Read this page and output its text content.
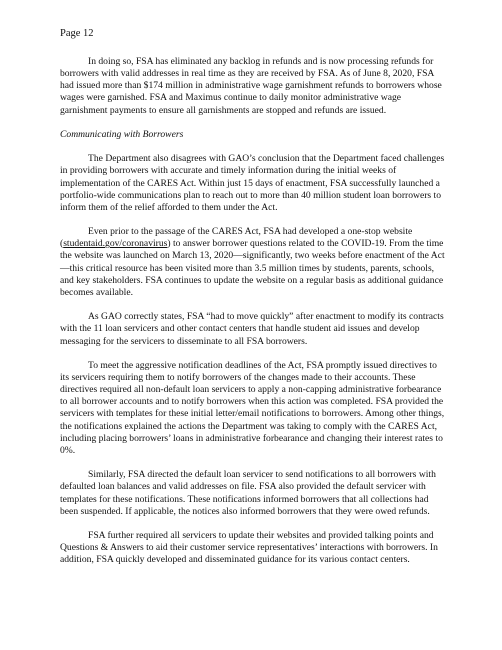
Page 12

In doing so, FSA has eliminated any backlog in refunds and is now processing refunds for borrowers with valid addresses in real time as they are received by FSA. As of June 8, 2020, FSA had issued more than $174 million in administrative wage garnishment refunds to borrowers whose wages were garnished. FSA and Maximus continue to daily monitor administrative wage garnishment payments to ensure all garnishments are stopped and refunds are issued.

Communicating with Borrowers

The Department also disagrees with GAO’s conclusion that the Department faced challenges in providing borrowers with accurate and timely information during the initial weeks of implementation of the CARES Act. Within just 15 days of enactment, FSA successfully launched a portfolio-wide communications plan to reach out to more than 40 million student loan borrowers to inform them of the relief afforded to them under the Act.

Even prior to the passage of the CARES Act, FSA had developed a one-stop website (studentaid.gov/coronavirus) to answer borrower questions related to the COVID-19. From the time the website was launched on March 13, 2020—significantly, two weeks before enactment of the Act—this critical resource has been visited more than 3.5 million times by students, parents, schools, and key stakeholders. FSA continues to update the website on a regular basis as additional guidance becomes available.

As GAO correctly states, FSA “had to move quickly” after enactment to modify its contracts with the 11 loan servicers and other contact centers that handle student aid issues and develop messaging for the servicers to disseminate to all FSA borrowers.

To meet the aggressive notification deadlines of the Act, FSA promptly issued directives to its servicers requiring them to notify borrowers of the changes made to their accounts. These directives required all non-default loan servicers to apply a non-capping administrative forbearance to all borrower accounts and to notify borrowers when this action was completed. FSA provided the servicers with templates for these initial letter/email notifications to borrowers. Among other things, the notifications explained the actions the Department was taking to comply with the CARES Act, including placing borrowers’ loans in administrative forbearance and changing their interest rates to 0%.

Similarly, FSA directed the default loan servicer to send notifications to all borrowers with defaulted loan balances and valid addresses on file. FSA also provided the default servicer with templates for these notifications. These notifications informed borrowers that all collections had been suspended. If applicable, the notices also informed borrowers that they were owed refunds.

FSA further required all servicers to update their websites and provided talking points and Questions & Answers to aid their customer service representatives’ interactions with borrowers. In addition, FSA quickly developed and disseminated guidance for its various contact centers.
